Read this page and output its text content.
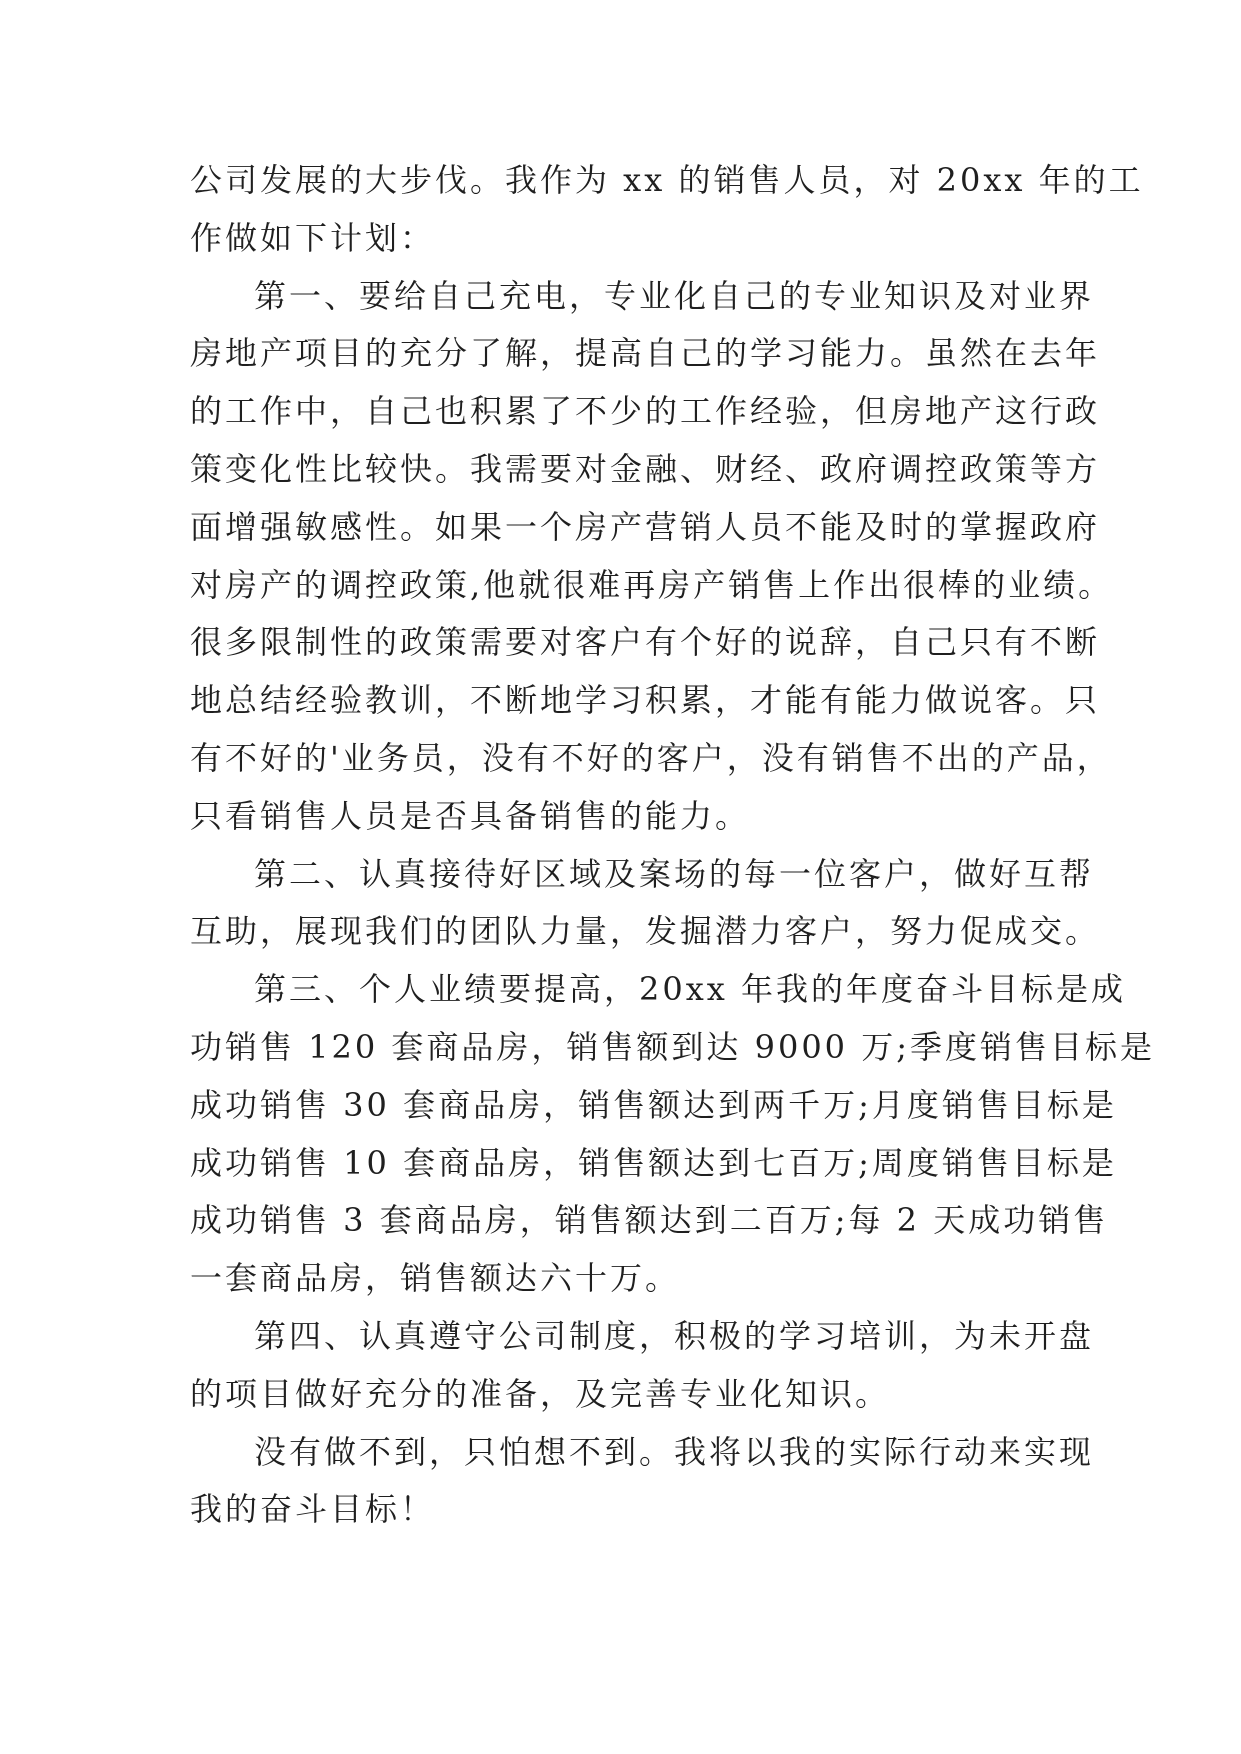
公司发展的大步伐。我作为 xx 的销售人员，对 20xx 年的工
作做如下计划：

第一、要给自己充电，专业化自己的专业知识及对业界
房地产项目的充分了解，提高自己的学习能力。虽然在去年
的工作中，自己也积累了不少的工作经验，但房地产这行政
策变化性比较快。我需要对金融、财经、政府调控政策等方
面增强敏感性。如果一个房产营销人员不能及时的掌握政府
对房产的调控政策,他就很难再房产销售上作出很棒的业绩。
很多限制性的政策需要对客户有个好的说辞，自己只有不断
地总结经验教训，不断地学习积累，才能有能力做说客。只
有不好的'业务员，没有不好的客户，没有销售不出的产品，
只看销售人员是否具备销售的能力。

第二、认真接待好区域及案场的每一位客户，做好互帮
互助，展现我们的团队力量，发掘潜力客户，努力促成交。

第三、个人业绩要提高，20xx 年我的年度奋斗目标是成
功销售 120 套商品房，销售额到达 9000 万;季度销售目标是
成功销售 30 套商品房，销售额达到两千万;月度销售目标是
成功销售 10 套商品房，销售额达到七百万;周度销售目标是
成功销售 3 套商品房，销售额达到二百万;每 2 天成功销售
一套商品房，销售额达六十万。

第四、认真遵守公司制度，积极的学习培训，为未开盘
的项目做好充分的准备，及完善专业化知识。

没有做不到，只怕想不到。我将以我的实际行动来实现
我的奋斗目标！
